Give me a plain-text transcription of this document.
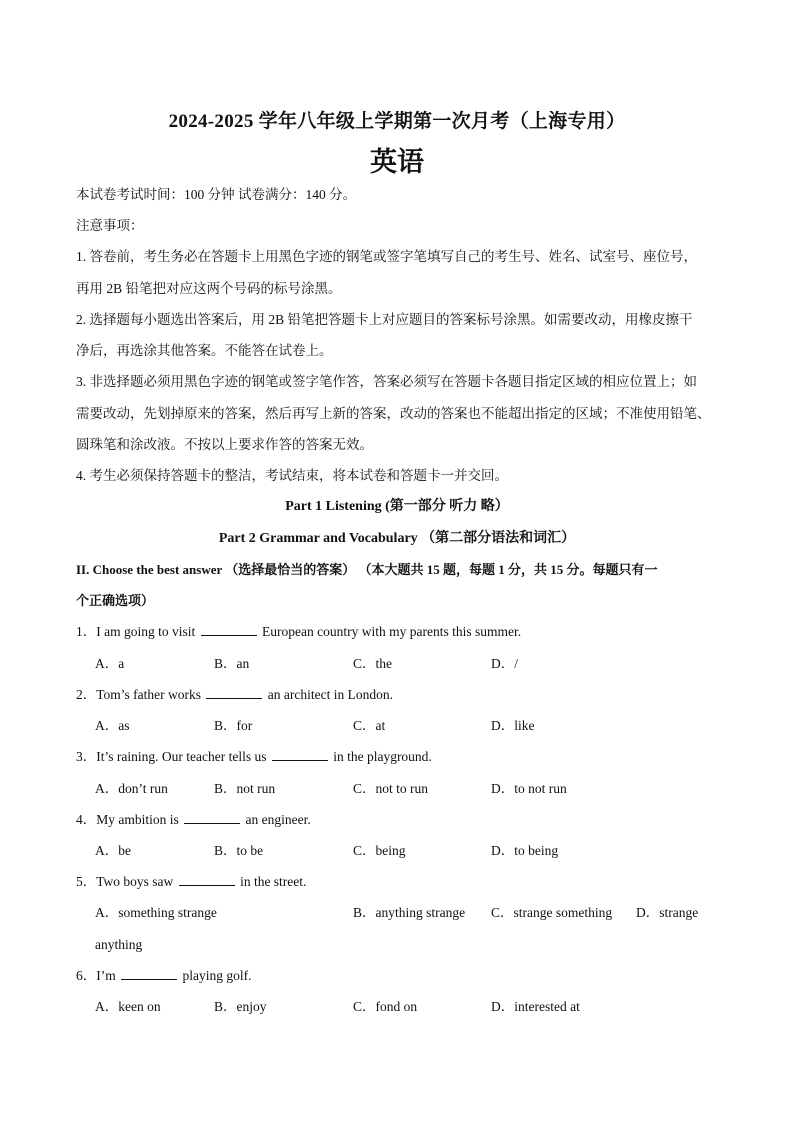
2024-2025 学年八年级上学期第一次月考（上海专用）
英语
本试卷考试时间：100 分钟 试卷满分：140 分。
注意事项：
1. 答卷前，考生务必在答题卡上用黑色字迹的钢笔或签字笔填写自己的考生号、姓名、试室号、座位号，
再用 2B 铅笔把对应这两个号码的标号涂黑。
2. 选择题每小题选出答案后，用 2B 铅笔把答题卡上对应题目的答案标号涂黑。如需要改动，用橡皮擦干
净后，再选涂其他答案。不能答在试卷上。
3. 非选择题必须用黑色字迹的钢笔或签字笔作答，答案必须写在答题卡各题目指定区域的相应位置上；如
需要改动，先划掉原来的答案，然后再写上新的答案，改动的答案也不能超出指定的区域；不准使用铅笔、
圆珠笔和涂改液。不按以上要求作答的答案无效。
4. 考生必须保持答题卡的整洁，考试结束，将本试卷和答题卡一并交回。
Part 1 Listening (第一部分 听力 略）
Part 2 Grammar and Vocabulary （第二部分语法和词汇）
II. Choose the best answer （选择最恰当的答案） （本大题共 15 题，每题 1 分，共 15 分。每题只有一
个正确选项）
1．I am going to visit	European country with my parents this summer.
A．a	B．an	C．the	D．/
2．Tom’s father works	an architect in London.
A．as	B．for	C．at	D．like
3．It’s raining. Our teacher tells us	in the playground.
A．don’t run	B．not run	C．not to run	D．to not run
4．My ambition is	an engineer.
A．be	B．to be	C．being	D．to being
5．Two boys saw	in the street.
A．something strange	B．anything strange C．strange something D．strange
anything
6．I’m	playing golf.
A．keen on	B．enjoy	C．fond on	D．interested at
